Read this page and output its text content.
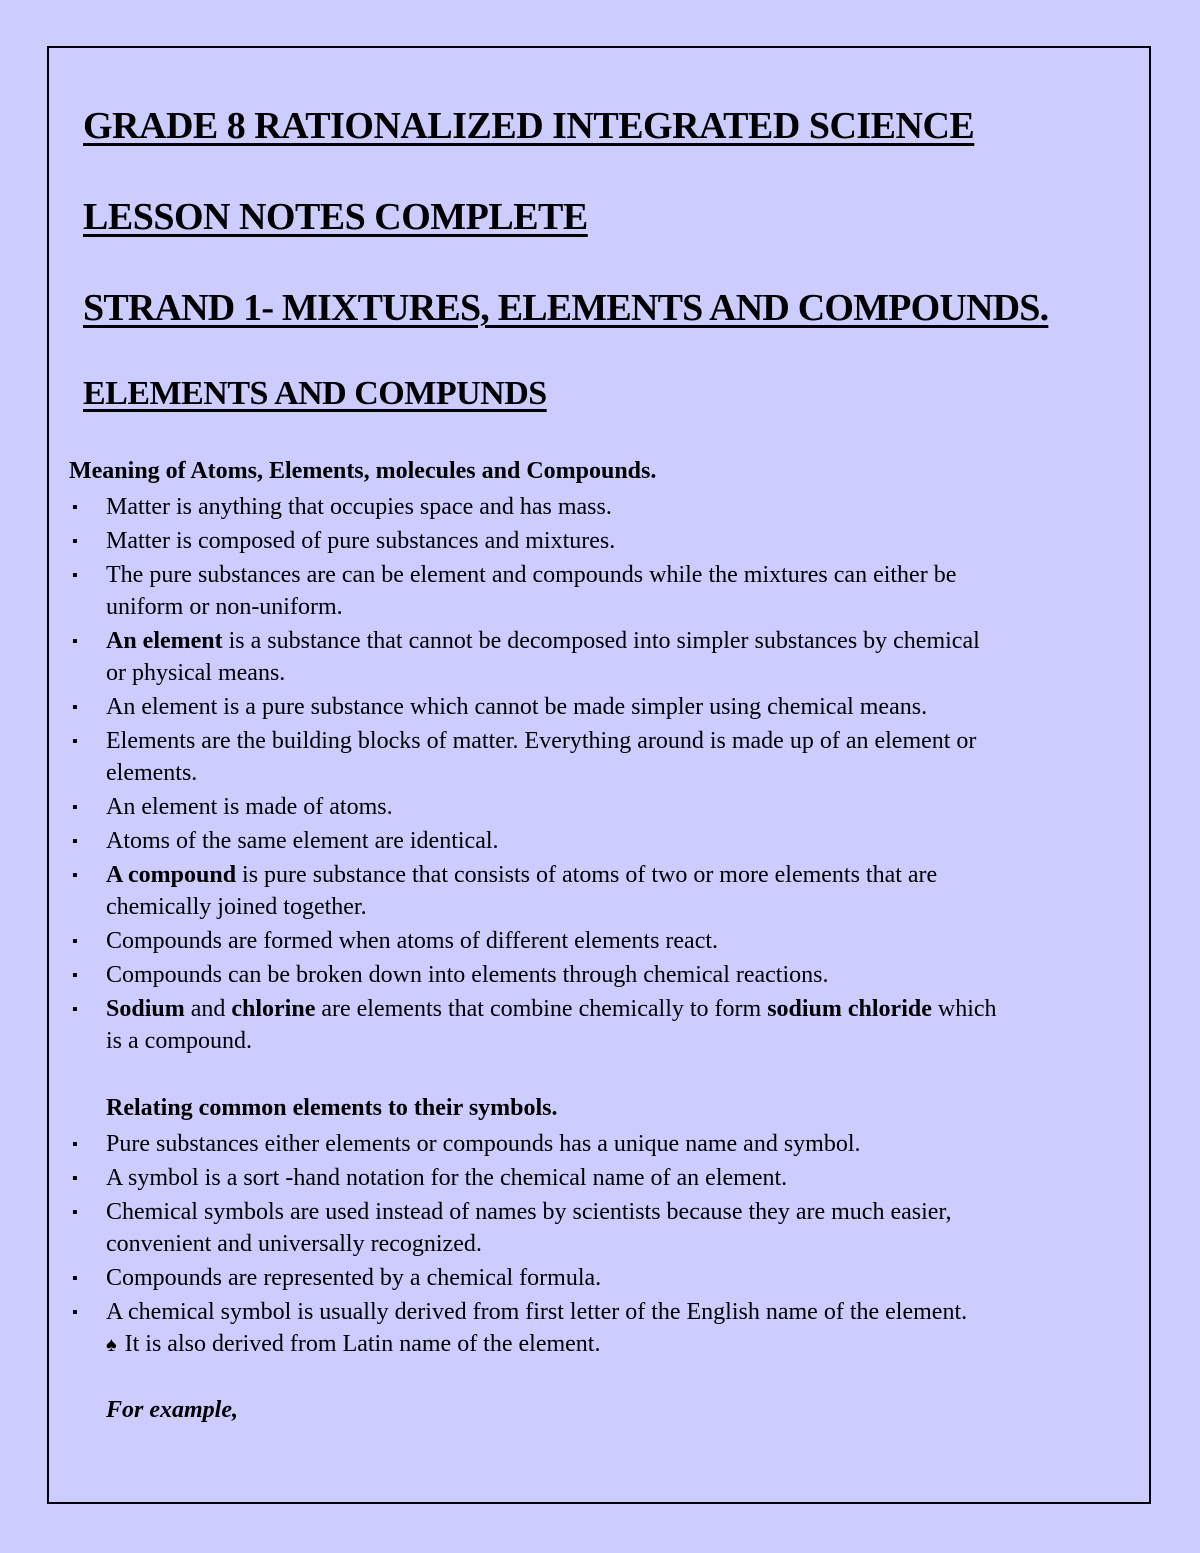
GRADE 8 RATIONALIZED INTEGRATED SCIENCE
LESSON NOTES COMPLETE
STRAND 1- MIXTURES, ELEMENTS AND COMPOUNDS.
ELEMENTS AND COMPUNDS
Meaning of Atoms, Elements, molecules and Compounds.
▪ Matter is anything that occupies space and has mass.
▪ Matter is composed of pure substances and mixtures.
▪ The pure substances are can be element and compounds while the mixtures can either be
uniform or non-uniform.
▪ An element is a substance that cannot be decomposed into simpler substances by chemical
or physical means.
▪ An element is a pure substance which cannot be made simpler using chemical means.
▪ Elements are the building blocks of matter. Everything around is made up of an element or
elements.
▪ An element is made of atoms.
▪ Atoms of the same element are identical.
▪ A compound is pure substance that consists of atoms of two or more elements that are
chemically joined together.
▪ Compounds are formed when atoms of different elements react.
▪ Compounds can be broken down into elements through chemical reactions.
▪ Sodium and chlorine are elements that combine chemically to form sodium chloride which
is a compound.
Relating common elements to their symbols.
▪ Pure substances either elements or compounds has a unique name and symbol.
▪ A symbol is a sort -hand notation for the chemical name of an element.
▪ Chemical symbols are used instead of names by scientists because they are much easier,
convenient and universally recognized.
▪ Compounds are represented by a chemical formula.
▪ A chemical symbol is usually derived from first letter of the English name of the element.
♠ It is also derived from Latin name of the element.
For example,
